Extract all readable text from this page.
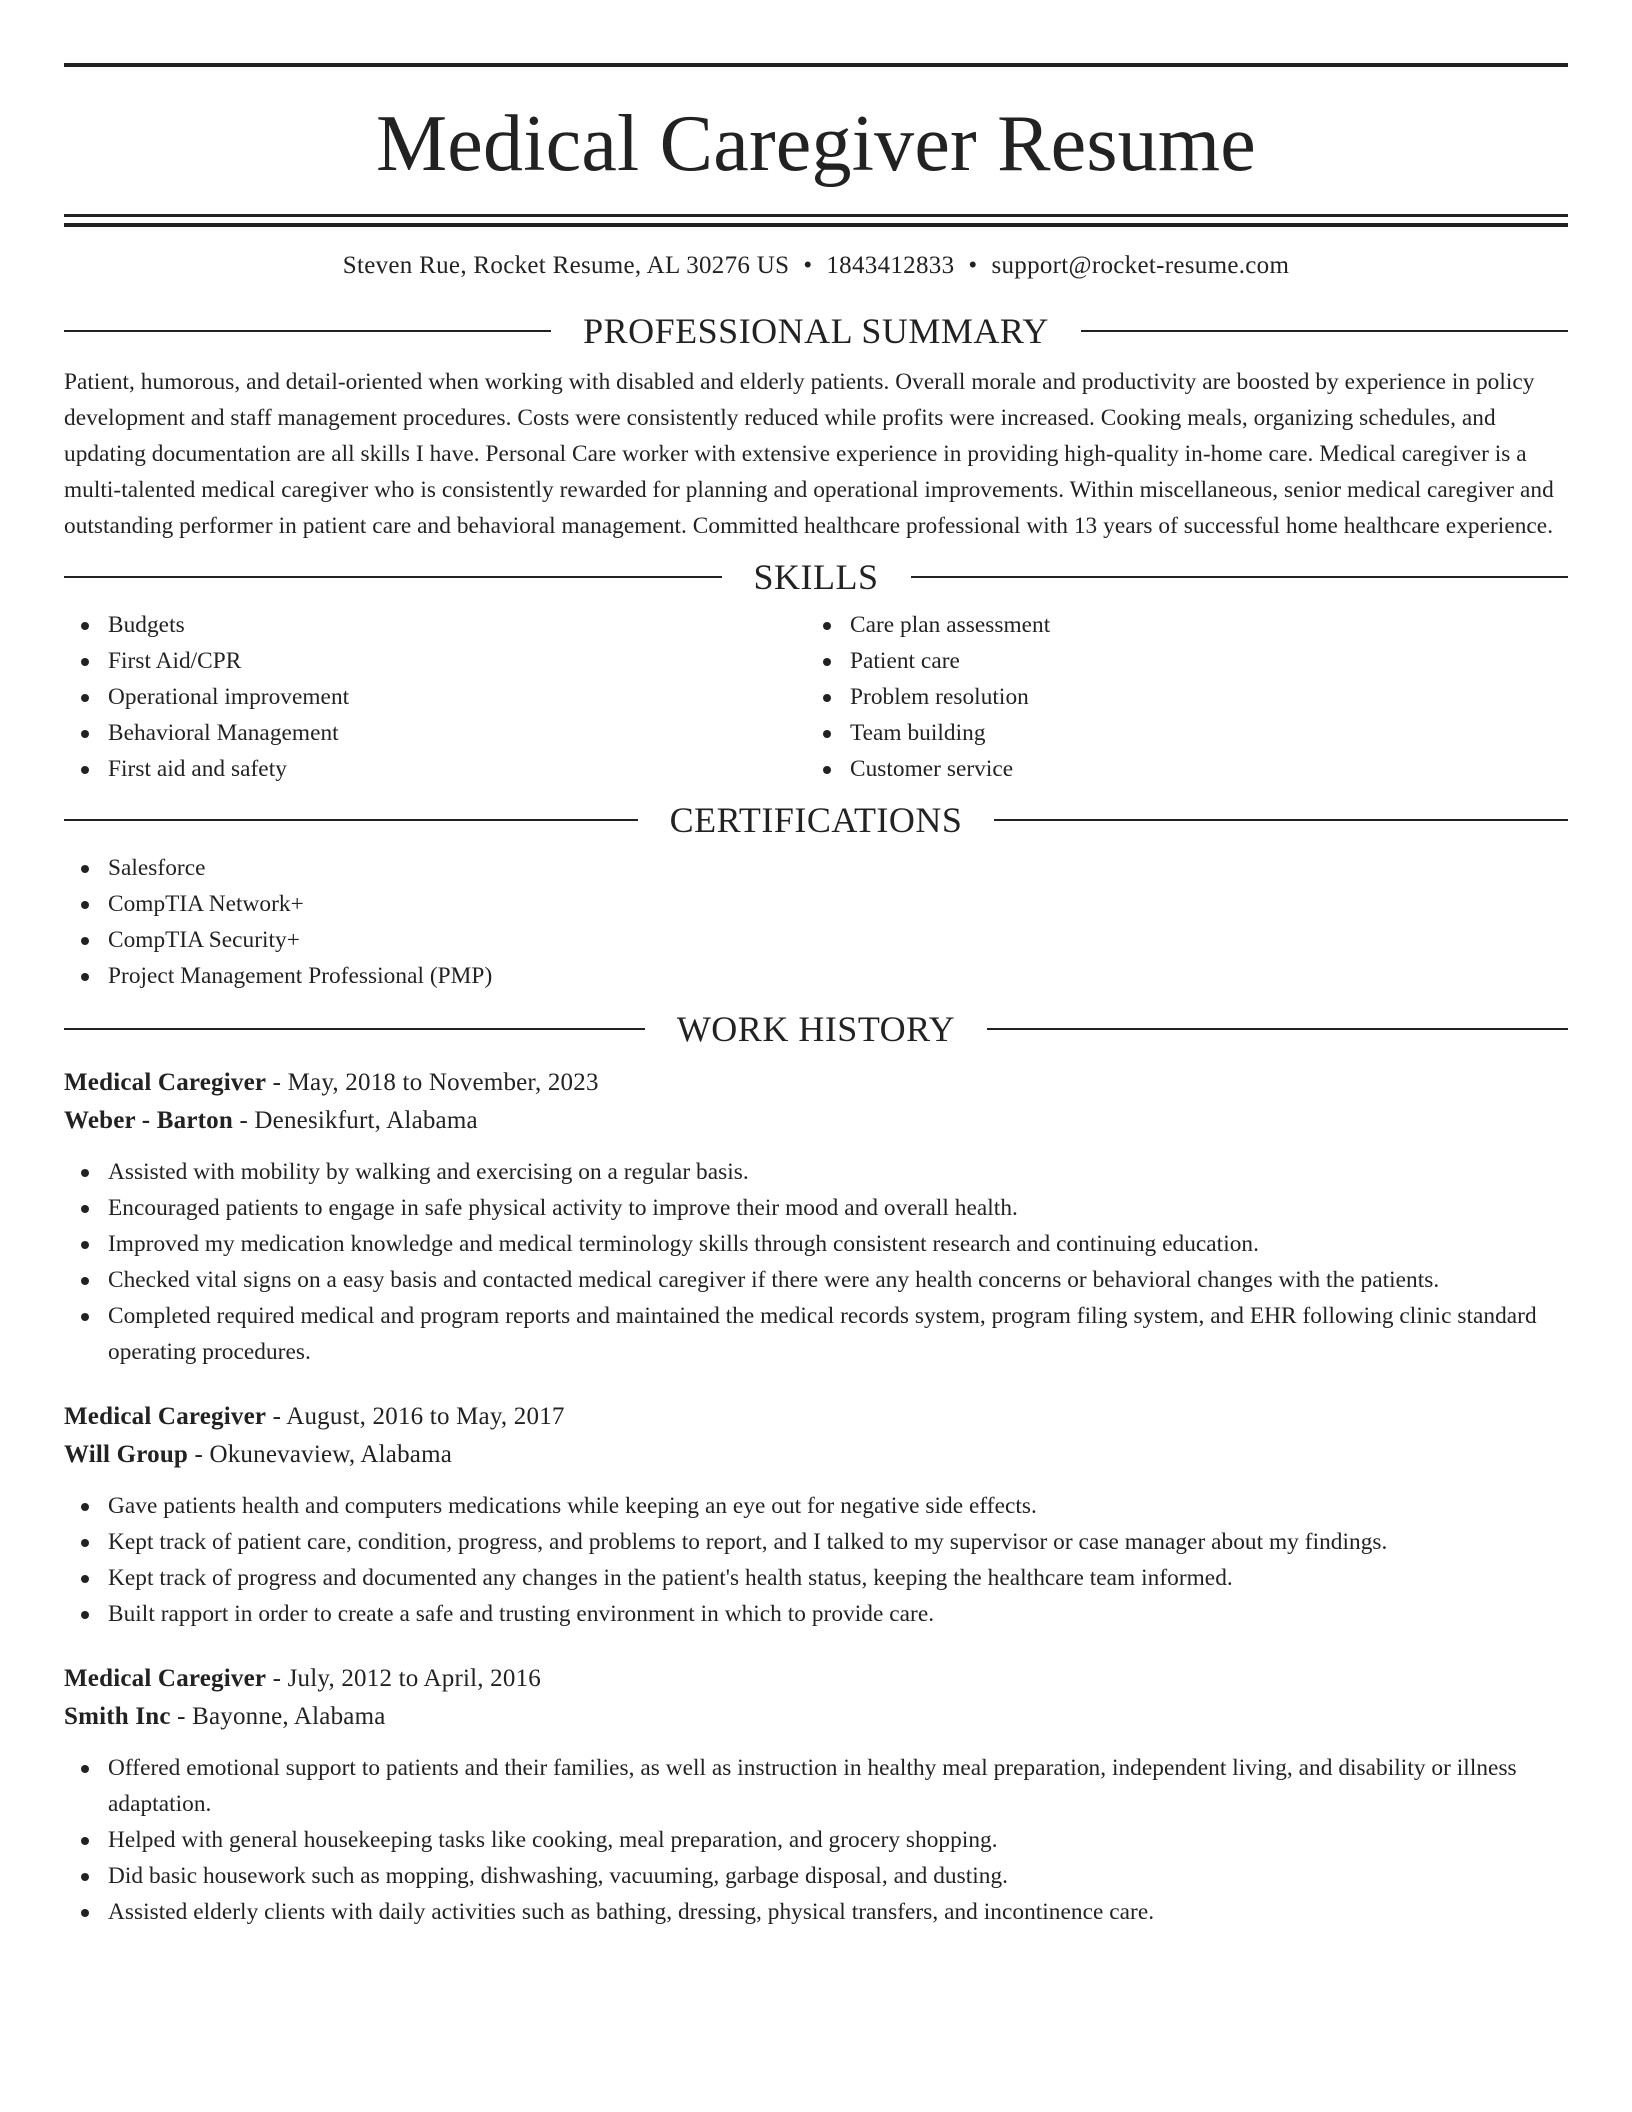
Medical Caregiver Resume
Steven Rue, Rocket Resume, AL 30276 US • 1843412833 • support@rocket-resume.com
PROFESSIONAL SUMMARY

Patient, humorous, and detail-oriented when working with disabled and elderly patients. Overall morale and productivity are boosted by experience in policy development and staff management procedures. Costs were consistently reduced while profits were increased. Cooking meals, organizing schedules, and updating documentation are all skills I have. Personal Care worker with extensive experience in providing high-quality in-home care. Medical caregiver is a multi-talented medical caregiver who is consistently rewarded for planning and operational improvements. Within miscellaneous, senior medical caregiver and outstanding performer in patient care and behavioral management. Committed healthcare professional with 13 years of successful home healthcare experience.

SKILLS
Budgets
First Aid/CPR
Operational improvement
Behavioral Management
First aid and safety
Care plan assessment
Patient care
Problem resolution
Team building
Customer service
CERTIFICATIONS
Salesforce
CompTIA Network+
CompTIA Security+
Project Management Professional (PMP)
WORK HISTORY
Medical Caregiver - May, 2018 to November, 2023
Weber - Barton - Denesikfurt, Alabama
Assisted with mobility by walking and exercising on a regular basis.
Encouraged patients to engage in safe physical activity to improve their mood and overall health.
Improved my medication knowledge and medical terminology skills through consistent research and continuing education.
Checked vital signs on a easy basis and contacted medical caregiver if there were any health concerns or behavioral changes with the patients.
Completed required medical and program reports and maintained the medical records system, program filing system, and EHR following clinic standard operating procedures.
Medical Caregiver - August, 2016 to May, 2017
Will Group - Okunevaview, Alabama
Gave patients health and computers medications while keeping an eye out for negative side effects.
Kept track of patient care, condition, progress, and problems to report, and I talked to my supervisor or case manager about my findings.
Kept track of progress and documented any changes in the patient's health status, keeping the healthcare team informed.
Built rapport in order to create a safe and trusting environment in which to provide care.
Medical Caregiver - July, 2012 to April, 2016
Smith Inc - Bayonne, Alabama
Offered emotional support to patients and their families, as well as instruction in healthy meal preparation, independent living, and disability or illness adaptation.
Helped with general housekeeping tasks like cooking, meal preparation, and grocery shopping.
Did basic housework such as mopping, dishwashing, vacuuming, garbage disposal, and dusting.
Assisted elderly clients with daily activities such as bathing, dressing, physical transfers, and incontinence care.
